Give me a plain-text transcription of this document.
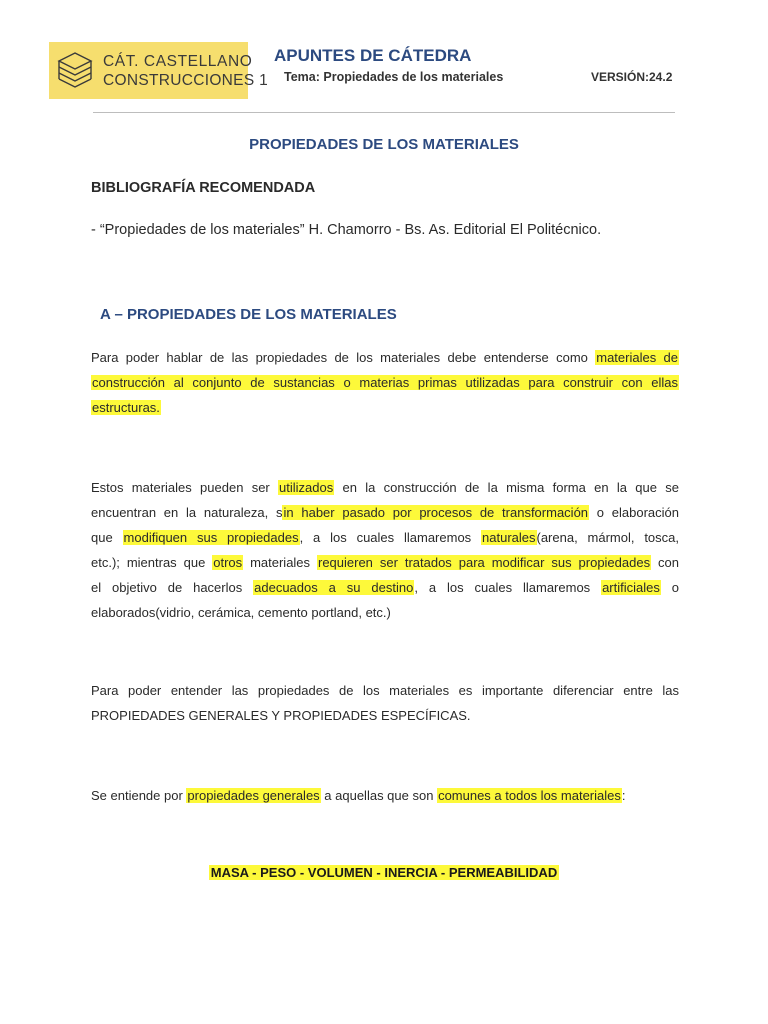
CÁT. CASTELLANO
CONSTRUCCIONES 1
APUNTES DE CÁTEDRA
Tema: Propiedades de los materiales	VERSIÓN:24.2
PROPIEDADES DE LOS MATERIALES
BIBLIOGRAFÍA RECOMENDADA
- “Propiedades de los materiales” H. Chamorro - Bs. As. Editorial El Politécnico.
A – PROPIEDADES DE LOS MATERIALES
Para poder hablar de las propiedades de los materiales debe entenderse como materiales de
construcción al conjunto de sustancias o materias primas utilizadas para construir con ellas
estructuras.
Estos materiales pueden ser utilizados en la construcción de la misma forma en la que se
encuentran en la naturaleza, sin haber pasado por procesos de transformación o elaboración
que modifiquen sus propiedades, a los cuales llamaremos naturales(arena, mármol, tosca,
etc.); mientras que otros materiales requieren ser tratados para modificar sus propiedades con
el objetivo de hacerlos adecuados a su destino, a los cuales llamaremos artificiales o
elaborados(vidrio, cerámica, cemento portland, etc.)
Para poder entender las propiedades de los materiales es importante diferenciar entre las
PROPIEDADES GENERALES Y PROPIEDADES ESPECÍFICAS.
Se entiende por propiedades generales a aquellas que son comunes a todos los materiales:
MASA - PESO - VOLUMEN - INERCIA - PERMEABILIDAD
